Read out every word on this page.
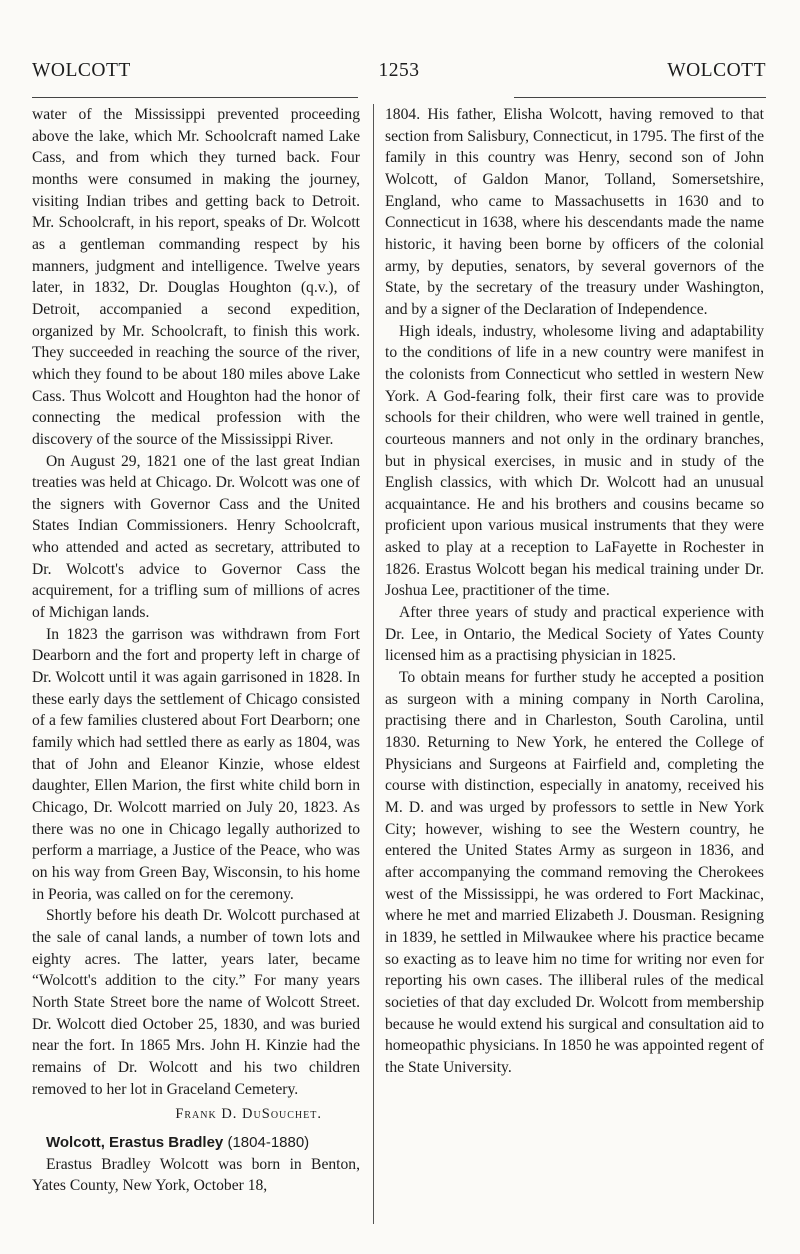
WOLCOTT	1253	WOLCOTT

water of the Mississippi prevented proceeding above the lake, which Mr. Schoolcraft named Lake Cass, and from which they turned back. Four months were consumed in making the journey, visiting Indian tribes and getting back to Detroit. Mr. Schoolcraft, in his report, speaks of Dr. Wolcott as a gentleman commanding respect by his manners, judgment and intelligence. Twelve years later, in 1832, Dr. Douglas Houghton (q.v.), of Detroit, accompanied a second expedition, organized by Mr. Schoolcraft, to finish this work. They succeeded in reaching the source of the river, which they found to be about 180 miles above Lake Cass. Thus Wolcott and Houghton had the honor of connecting the medical profession with the discovery of the source of the Mississippi River.

On August 29, 1821 one of the last great Indian treaties was held at Chicago. Dr. Wolcott was one of the signers with Governor Cass and the United States Indian Commissioners. Henry Schoolcraft, who attended and acted as secretary, attributed to Dr. Wolcott's advice to Governor Cass the acquirement, for a trifling sum of millions of acres of Michigan lands.

In 1823 the garrison was withdrawn from Fort Dearborn and the fort and property left in charge of Dr. Wolcott until it was again garrisoned in 1828. In these early days the settlement of Chicago consisted of a few families clustered about Fort Dearborn; one family which had settled there as early as 1804, was that of John and Eleanor Kinzie, whose eldest daughter, Ellen Marion, the first white child born in Chicago, Dr. Wolcott married on July 20, 1823. As there was no one in Chicago legally authorized to perform a marriage, a Justice of the Peace, who was on his way from Green Bay, Wisconsin, to his home in Peoria, was called on for the ceremony.

Shortly before his death Dr. Wolcott purchased at the sale of canal lands, a number of town lots and eighty acres. The latter, years later, became “Wolcott's addition to the city.” For many years North State Street bore the name of Wolcott Street. Dr. Wolcott died October 25, 1830, and was buried near the fort. In 1865 Mrs. John H. Kinzie had the remains of Dr. Wolcott and his two children removed to her lot in Graceland Cemetery.

Frank D. DuSouchet.

Wolcott, Erastus Bradley (1804-1880)

Erastus Bradley Wolcott was born in Benton, Yates County, New York, October 18,

1804. His father, Elisha Wolcott, having removed to that section from Salisbury, Connecticut, in 1795. The first of the family in this country was Henry, second son of John Wolcott, of Galdon Manor, Tolland, Somersetshire, England, who came to Massachusetts in 1630 and to Connecticut in 1638, where his descendants made the name historic, it having been borne by officers of the colonial army, by deputies, senators, by several governors of the State, by the secretary of the treasury under Washington, and by a signer of the Declaration of Independence.

High ideals, industry, wholesome living and adaptability to the conditions of life in a new country were manifest in the colonists from Connecticut who settled in western New York. A God-fearing folk, their first care was to provide schools for their children, who were well trained in gentle, courteous manners and not only in the ordinary branches, but in physical exercises, in music and in study of the English classics, with which Dr. Wolcott had an unusual acquaintance. He and his brothers and cousins became so proficient upon various musical instruments that they were asked to play at a reception to LaFayette in Rochester in 1826. Erastus Wolcott began his medical training under Dr. Joshua Lee, practitioner of the time.

After three years of study and practical experience with Dr. Lee, in Ontario, the Medical Society of Yates County licensed him as a practising physician in 1825.

To obtain means for further study he accepted a position as surgeon with a mining company in North Carolina, practising there and in Charleston, South Carolina, until 1830. Returning to New York, he entered the College of Physicians and Surgeons at Fairfield and, completing the course with distinction, especially in anatomy, received his M. D. and was urged by professors to settle in New York City; however, wishing to see the Western country, he entered the United States Army as surgeon in 1836, and after accompanying the command removing the Cherokees west of the Mississippi, he was ordered to Fort Mackinac, where he met and married Elizabeth J. Dousman. Resigning in 1839, he settled in Milwaukee where his practice became so exacting as to leave him no time for writing nor even for reporting his own cases. The illiberal rules of the medical societies of that day excluded Dr. Wolcott from membership because he would extend his surgical and consultation aid to homeopathic physicians. In 1850 he was appointed regent of the State University.
